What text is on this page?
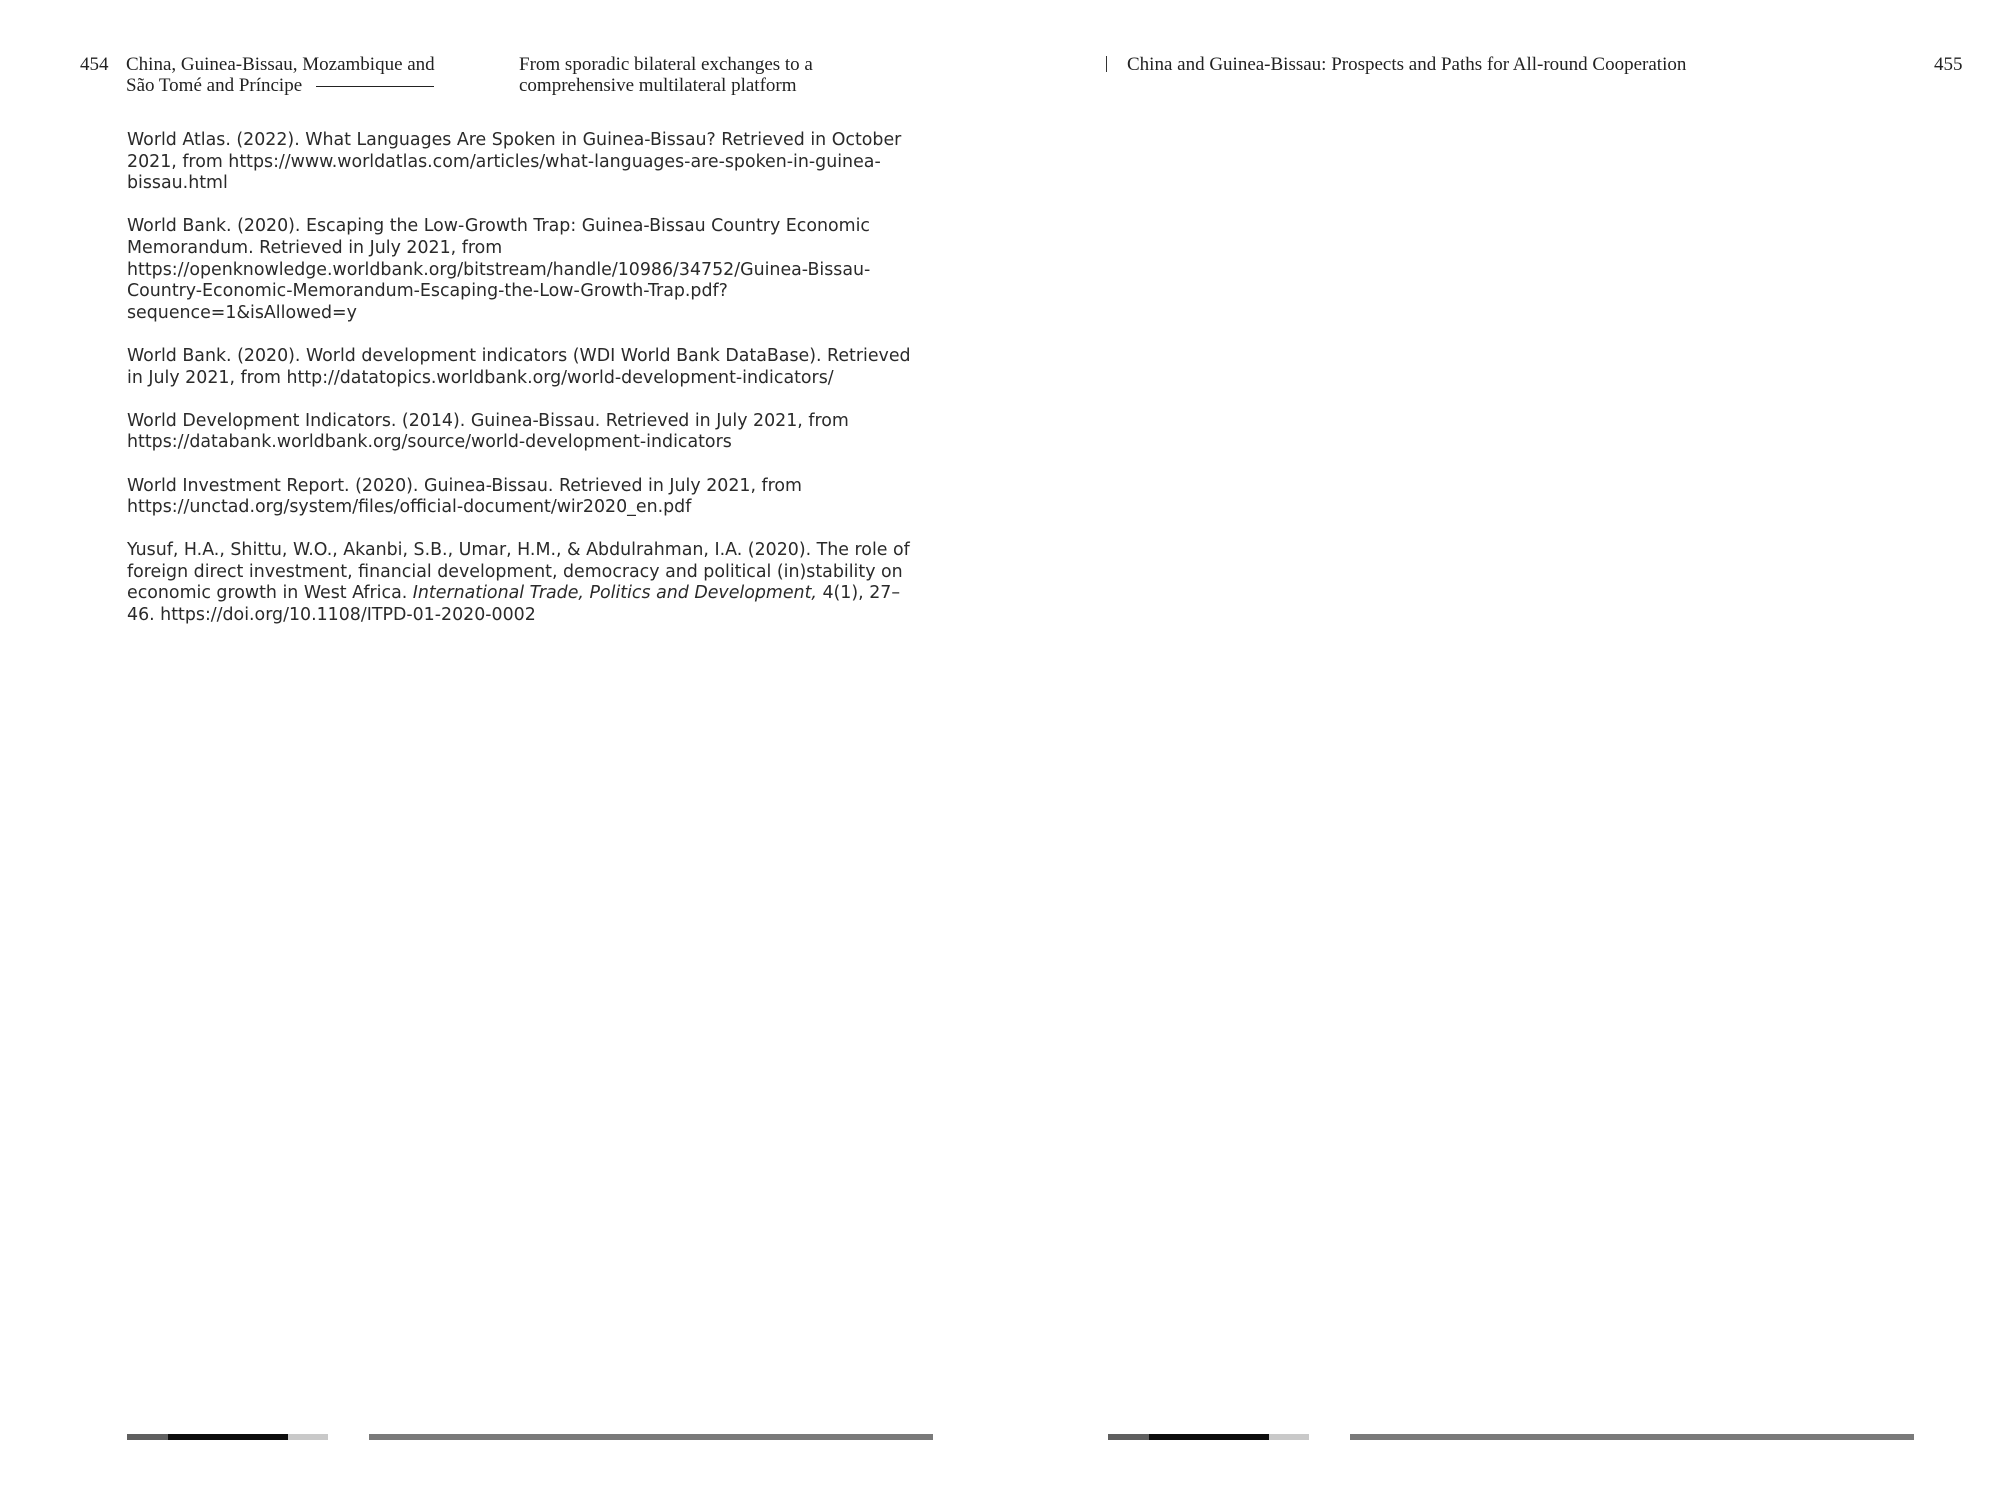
454 China, Guinea-Bissau, Mozambique and
São Tomé and Príncipe
From sporadic bilateral exchanges to a
comprehensive multilateral platform

World Atlas. (2022). What Languages Are Spoken in Guinea-Bissau? Retrieved in October 2021, from https://www.worldatlas.com/articles/what-languages-are-spoken-in-guinea-bissau.html

World Bank. (2020). Escaping the Low-Growth Trap: Guinea-Bissau Country Economic Memorandum. Retrieved in July 2021, from https://openknowledge.worldbank.org/bitstream/handle/10986/34752/Guinea-Bissau-Country-Economic-Memorandum-Escaping-the-Low-Growth-Trap.pdf?sequence=1&isAllowed=y

World Bank. (2020). World development indicators (WDI World Bank DataBase). Retrieved in July 2021, from http://datatopics.worldbank.org/world-development-indicators/

World Development Indicators. (2014). Guinea-Bissau. Retrieved in July 2021, from https://databank.worldbank.org/source/world-development-indicators

World Investment Report. (2020). Guinea-Bissau. Retrieved in July 2021, from https://unctad.org/system/files/official-document/wir2020_en.pdf

Yusuf, H.A., Shittu, W.O., Akanbi, S.B., Umar, H.M., & Abdulrahman, I.A. (2020). The role of foreign direct investment, financial development, democracy and political (in)stability on economic growth in West Africa. International Trade, Politics and Development, 4(1), 27–46. https://doi.org/10.1108/ITPD-01-2020-0002

China and Guinea-Bissau: Prospects and Paths for All-round Cooperation	455
